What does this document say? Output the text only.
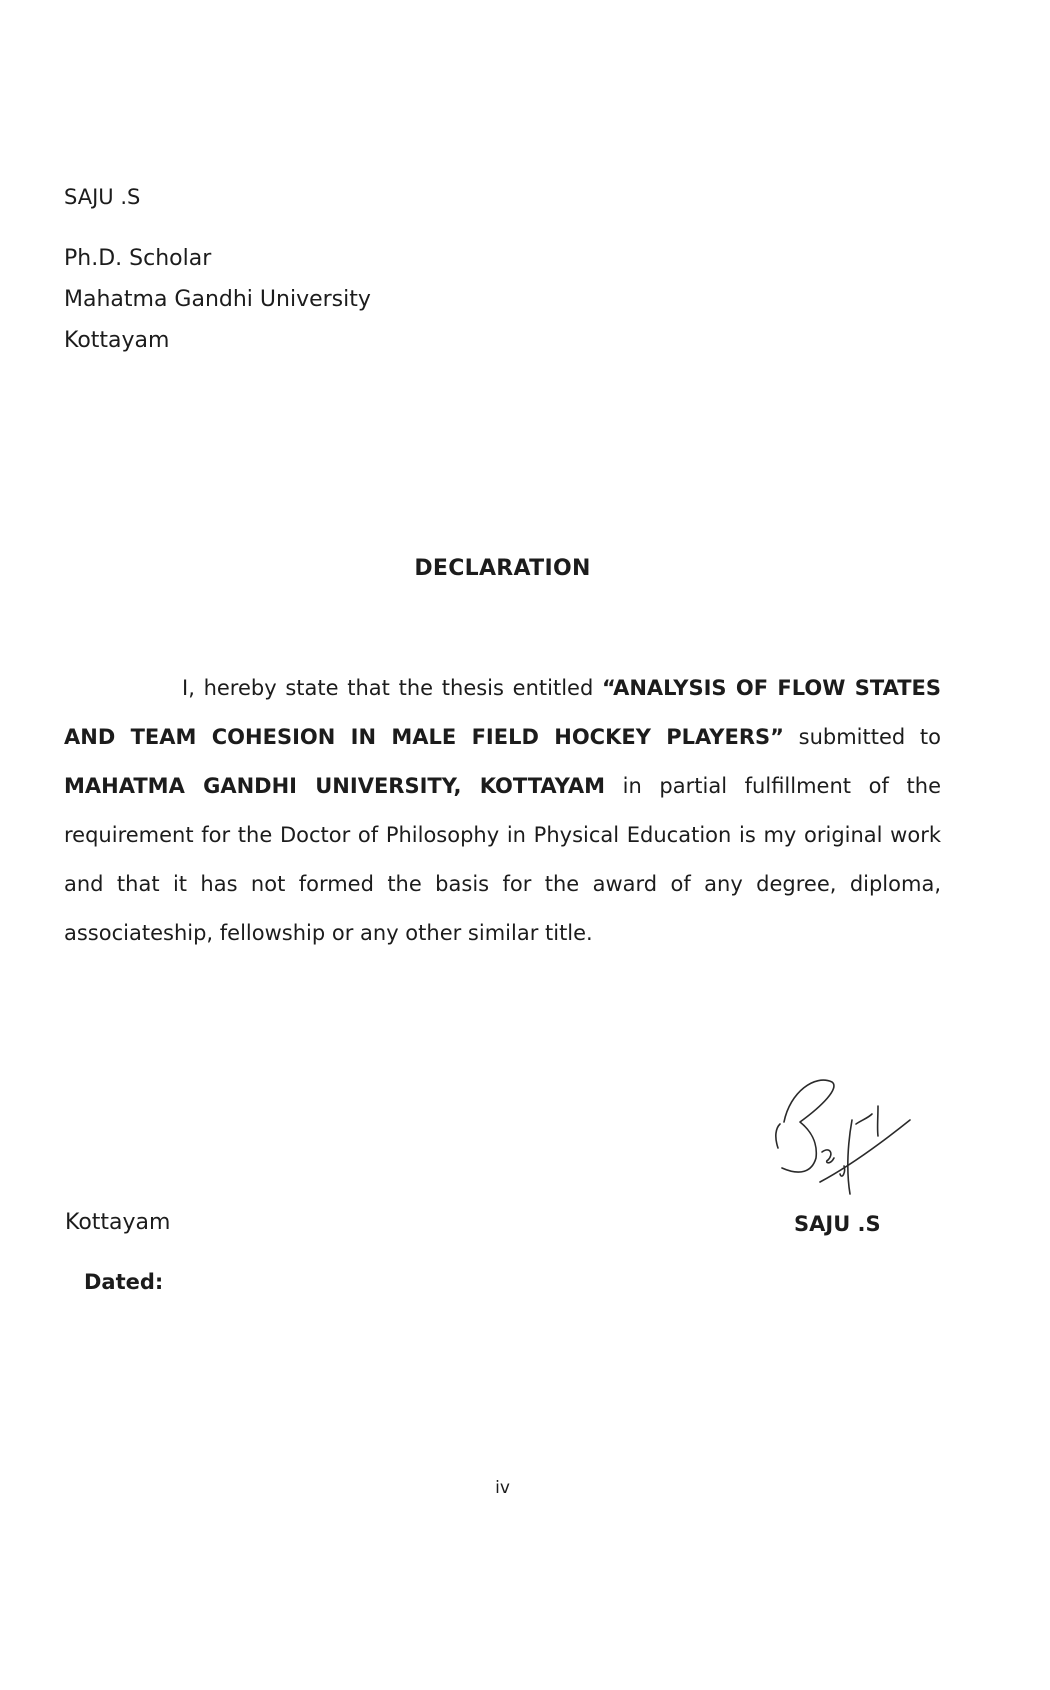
SAJU .S

Ph.D. Scholar

Mahatma Gandhi University

Kottayam

DECLARATION

I, hereby state that the thesis entitled “ANALYSIS OF FLOW STATES AND TEAM COHESION IN MALE FIELD HOCKEY PLAYERS” submitted to MAHATMA GANDHI UNIVERSITY, KOTTAYAM in partial fulfillment of the requirement for the Doctor of Philosophy in Physical Education is my original work and that it has not formed the basis for the award of any degree, diploma, associateship, fellowship or any other similar title.

Kottayam

Dated:

SAJU .S

iv
